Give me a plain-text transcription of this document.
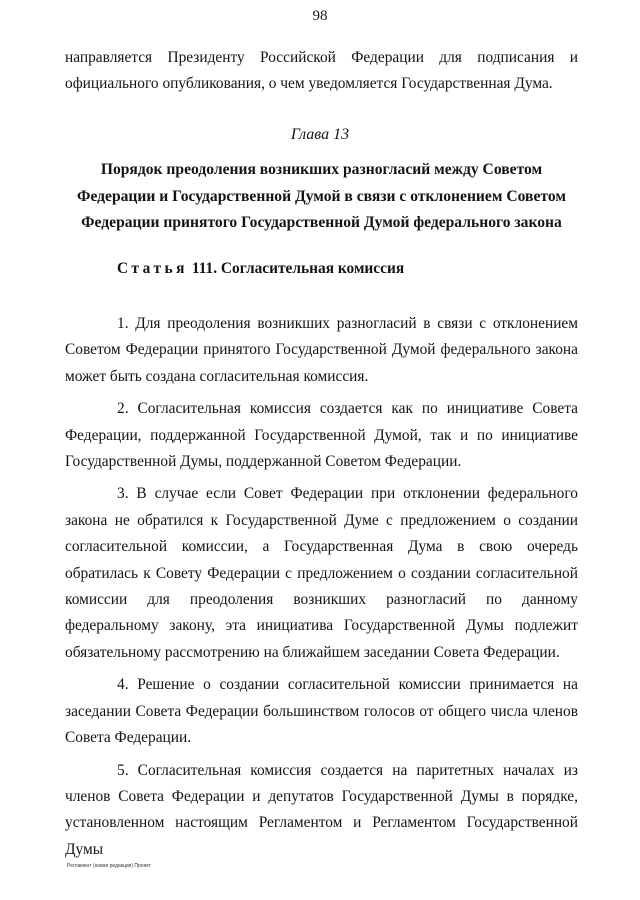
98

направляется Президенту Российской Федерации для подписания и официального опубликования, о чем уведомляется Государственная Дума.

Глава 13
Порядок преодоления возникших разногласий между Советом Федерации и Государственной Думой в связи с отклонением Советом Федерации принятого Государственной Думой федерального закона
Статья 111. Согласительная комиссия

1. Для преодоления возникших разногласий в связи с отклонением Советом Федерации принятого Государственной Думой федерального закона может быть создана согласительная комиссия.

2. Согласительная комиссия создается как по инициативе Совета Федерации, поддержанной Государственной Думой, так и по инициативе Государственной Думы, поддержанной Советом Федерации.

3. В случае если Совет Федерации при отклонении федерального закона не обратился к Государственной Думе с предложением о создании согласительной комиссии, а Государственная Дума в свою очередь обратилась к Совету Федерации с предложением о создании согласительной комиссии для преодоления возникших разногласий по данному федеральному закону, эта инициатива Государственной Думы подлежит обязательному рассмотрению на ближайшем заседании Совета Федерации.

4. Решение о создании согласительной комиссии принимается на заседании Совета Федерации большинством голосов от общего числа членов Совета Федерации.

5. Согласительная комиссия создается на паритетных началах из членов Совета Федерации и депутатов Государственной Думы в порядке, установленном настоящим Регламентом и Регламентом Государственной Думы

Регламент (новая редакция) Проект
